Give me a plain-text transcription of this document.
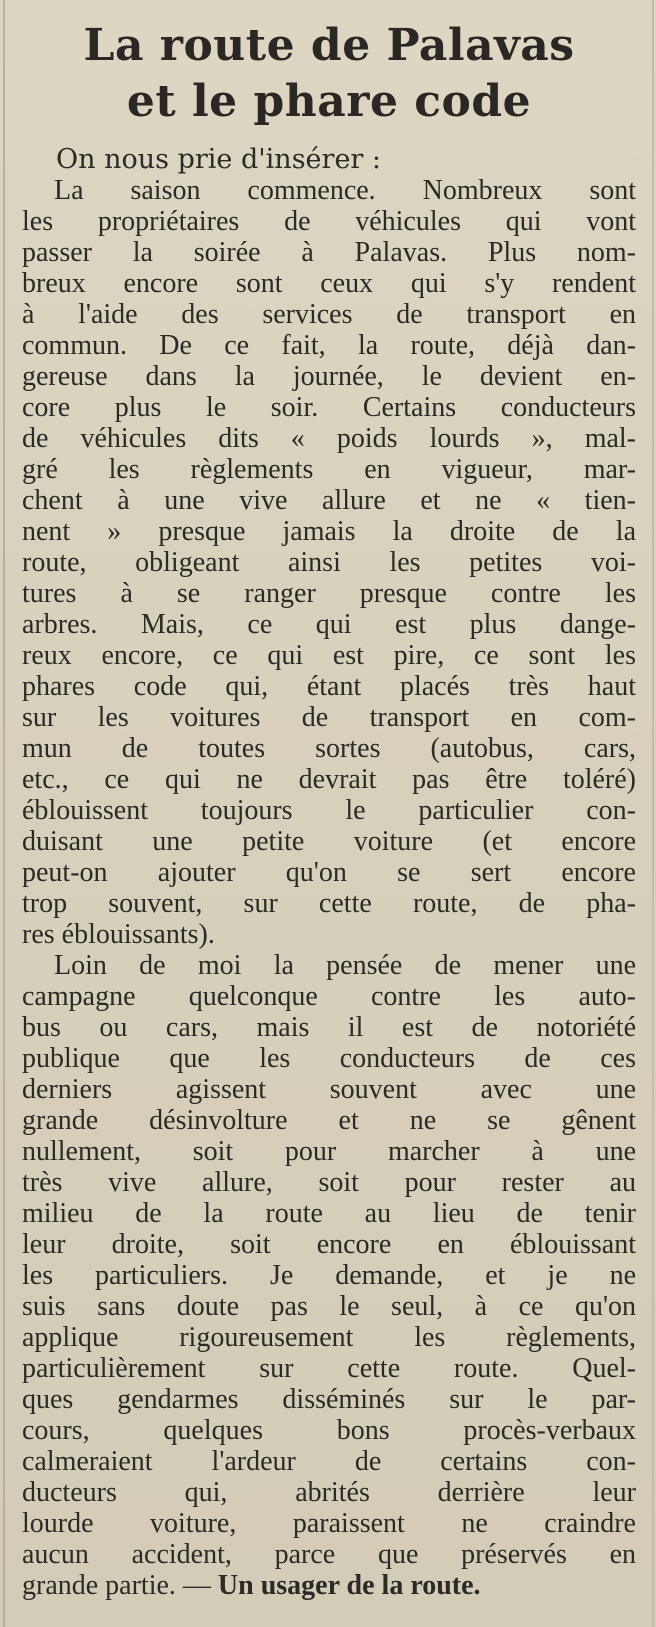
La route de Palavas
et le phare code
On nous prie d'insérer :
La saison commence. Nombreux sont
les propriétaires de véhicules qui vont
passer la soirée à Palavas. Plus nom-
breux encore sont ceux qui s'y rendent
à l'aide des services de transport en
commun. De ce fait, la route, déjà dan-
gereuse dans la journée, le devient en-
core plus le soir. Certains conducteurs
de véhicules dits « poids lourds », mal-
gré les règlements en vigueur, mar-
chent à une vive allure et ne « tien-
nent » presque jamais la droite de la
route, obligeant ainsi les petites voi-
tures à se ranger presque contre les
arbres. Mais, ce qui est plus dange-
reux encore, ce qui est pire, ce sont les
phares code qui, étant placés très haut
sur les voitures de transport en com-
mun de toutes sortes (autobus, cars,
etc., ce qui ne devrait pas être toléré)
éblouissent toujours le particulier con-
duisant une petite voiture (et encore
peut-on ajouter qu'on se sert encore
trop souvent, sur cette route, de pha-
res éblouissants).
Loin de moi la pensée de mener une
campagne quelconque contre les auto-
bus ou cars, mais il est de notoriété
publique que les conducteurs de ces
derniers agissent souvent avec une
grande désinvolture et ne se gênent
nullement, soit pour marcher à une
très vive allure, soit pour rester au
milieu de la route au lieu de tenir
leur droite, soit encore en éblouissant
les particuliers. Je demande, et je ne
suis sans doute pas le seul, à ce qu'on
applique rigoureusement les règlements,
particulièrement sur cette route. Quel-
ques gendarmes disséminés sur le par-
cours, quelques bons procès-verbaux
calmeraient l'ardeur de certains con-
ducteurs qui, abrités derrière leur
lourde voiture, paraissent ne craindre
aucun accident, parce que préservés en
grande partie. — Un usager de la route.
